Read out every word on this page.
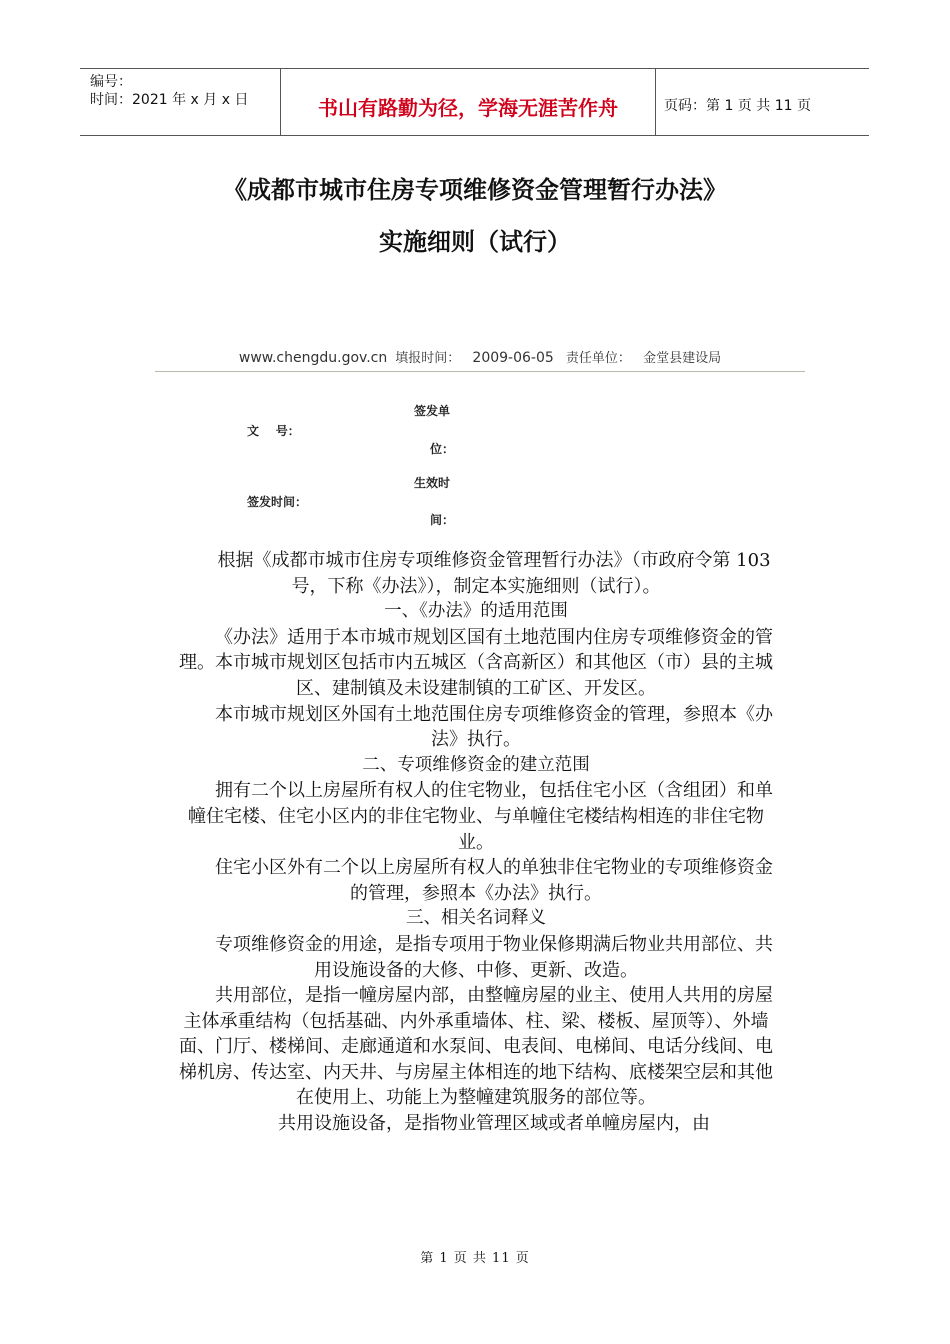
编号：
时间：2021 年 x 月 x 日	书山有路勤为径，学海无涯苦作舟	页码：第 1 页 共 11 页
《成都市城市住房专项维修资金管理暂行办法》
实施细则（试行）
www.chengdu.gov.cn 填报时间： 2009-06-05 责任单位： 金堂县建设局
签发单
文    号：
位：
生效时
签发时间：
间：

根据《成都市城市住房专项维修资金管理暂行办法》（市政府令第 103 号，下称《办法》），制定本实施细则（试行）。

一、《办法》的适用范围

《办法》适用于本市城市规划区国有土地范围内住房专项维修资金的管理。本市城市规划区包括市内五城区（含高新区）和其他区（市）县的主城区、建制镇及未设建制镇的工矿区、开发区。

本市城市规划区外国有土地范围住房专项维修资金的管理，参照本《办法》执行。

二、专项维修资金的建立范围

拥有二个以上房屋所有权人的住宅物业，包括住宅小区（含组团）和单幢住宅楼、住宅小区内的非住宅物业、与单幢住宅楼结构相连的非住宅物业。

住宅小区外有二个以上房屋所有权人的单独非住宅物业的专项维修资金的管理，参照本《办法》执行。

三、相关名词释义

专项维修资金的用途，是指专项用于物业保修期满后物业共用部位、共用设施设备的大修、中修、更新、改造。

共用部位，是指一幢房屋内部，由整幢房屋的业主、使用人共用的房屋主体承重结构（包括基础、内外承重墙体、柱、梁、楼板、屋顶等）、外墙面、门厅、楼梯间、走廊通道和水泵间、电表间、电梯间、电话分线间、电梯机房、传达室、内天井、与房屋主体相连的地下结构、底楼架空层和其他在使用上、功能上为整幢建筑服务的部位等。

共用设施设备，是指物业管理区域或者单幢房屋内，由

第 1 页 共 11 页
